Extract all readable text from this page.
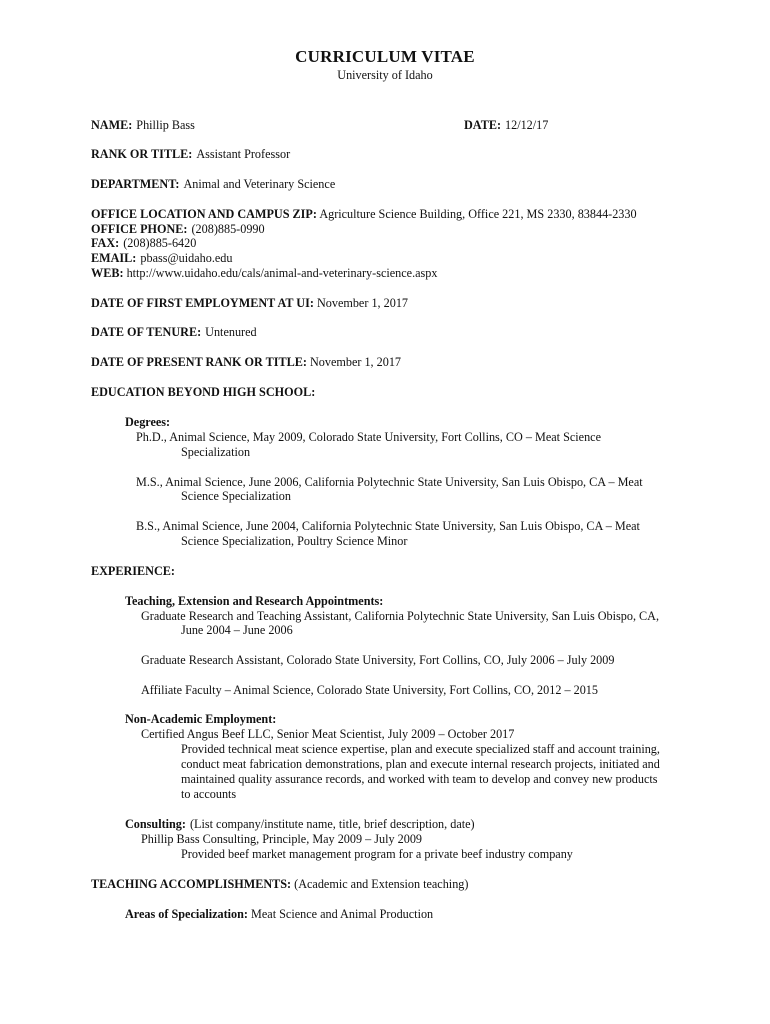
CURRICULUM VITAE
University of Idaho
NAME: Phillip Bass	DATE: 12/12/17
RANK OR TITLE: Assistant Professor
DEPARTMENT: Animal and Veterinary Science
OFFICE LOCATION AND CAMPUS ZIP: Agriculture Science Building, Office 221, MS 2330, 83844-2330
OFFICE PHONE: (208)885-0990
FAX: (208)885-6420
EMAIL: pbass@uidaho.edu
WEB: http://www.uidaho.edu/cals/animal-and-veterinary-science.aspx
DATE OF FIRST EMPLOYMENT AT UI: November 1, 2017
DATE OF TENURE: Untenured
DATE OF PRESENT RANK OR TITLE: November 1, 2017
EDUCATION BEYOND HIGH SCHOOL:
Degrees:
Ph.D., Animal Science, May 2009, Colorado State University, Fort Collins, CO – Meat Science
Specialization
M.S., Animal Science, June 2006, California Polytechnic State University, San Luis Obispo, CA – Meat
Science Specialization
B.S., Animal Science, June 2004, California Polytechnic State University, San Luis Obispo, CA – Meat
Science Specialization, Poultry Science Minor
EXPERIENCE:
Teaching, Extension and Research Appointments:
Graduate Research and Teaching Assistant, California Polytechnic State University, San Luis Obispo, CA,
June 2004 – June 2006
Graduate Research Assistant, Colorado State University, Fort Collins, CO, July 2006 – July 2009
Affiliate Faculty – Animal Science, Colorado State University, Fort Collins, CO, 2012 – 2015
Non-Academic Employment:
Certified Angus Beef LLC, Senior Meat Scientist, July 2009 – October 2017
Provided technical meat science expertise, plan and execute specialized staff and account training,
conduct meat fabrication demonstrations, plan and execute internal research projects, initiated and
maintained quality assurance records, and worked with team to develop and convey new products
to accounts
Consulting: (List company/institute name, title, brief description, date)
Phillip Bass Consulting, Principle, May 2009 – July 2009
Provided beef market management program for a private beef industry company
TEACHING ACCOMPLISHMENTS: (Academic and Extension teaching)
Areas of Specialization: Meat Science and Animal Production
